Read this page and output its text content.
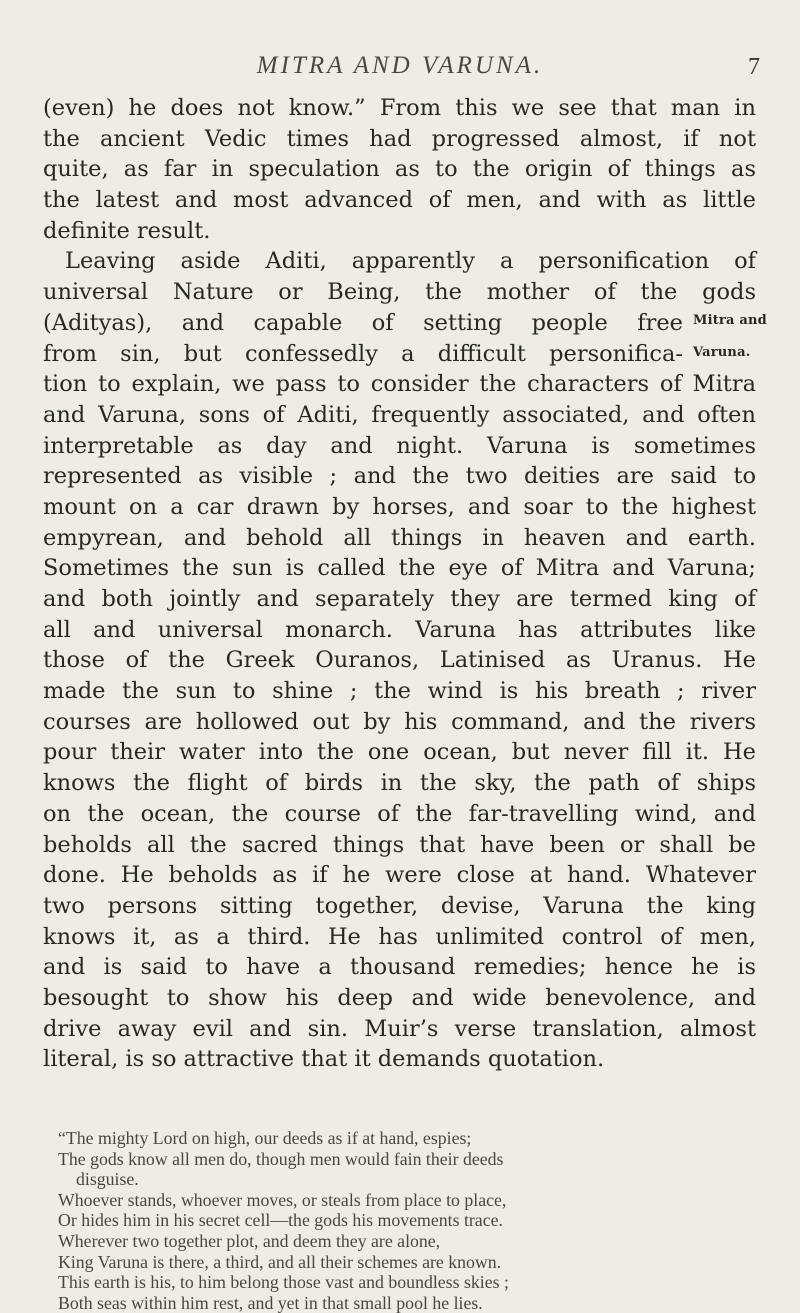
MITRA AND VARUNA.	7
(even) he does not know.” From this we see that man in
the ancient Vedic times had progressed almost, if not
quite, as far in speculation as to the origin of things as
the latest and most advanced of men, and with as little
definite result.
Leaving aside Aditi, apparently a personification of
universal Nature or Being, the mother of the gods
(Adityas), and capable of setting people free
from sin, but confessedly a difficult personifica-
tion to explain, we pass to consider the characters of Mitra
and Varuna, sons of Aditi, frequently associated, and often
interpretable as day and night. Varuna is sometimes
represented as visible ; and the two deities are said to
mount on a car drawn by horses, and soar to the highest
empyrean, and behold all things in heaven and earth.
Sometimes the sun is called the eye of Mitra and Varuna;
and both jointly and separately they are termed king of
all and universal monarch. Varuna has attributes like
those of the Greek Ouranos, Latinised as Uranus. He
made the sun to shine ; the wind is his breath ; river
courses are hollowed out by his command, and the rivers
pour their water into the one ocean, but never fill it. He
knows the flight of birds in the sky, the path of ships
on the ocean, the course of the far-travelling wind, and
beholds all the sacred things that have been or shall be
done. He beholds as if he were close at hand. Whatever
two persons sitting together, devise, Varuna the king
knows it, as a third. He has unlimited control of men,
and is said to have a thousand remedies; hence he is
besought to show his deep and wide benevolence, and
drive away evil and sin. Muir’s verse translation, almost
literal, is so attractive that it demands quotation.
Mitra and
Varuna.
“The mighty Lord on high, our deeds as if at hand, espies;
The gods know all men do, though men would fain their deeds
disguise.
Whoever stands, whoever moves, or steals from place to place,
Or hides him in his secret cell—the gods his movements trace.
Wherever two together plot, and deem they are alone,
King Varuna is there, a third, and all their schemes are known.
This earth is his, to him belong those vast and boundless skies ;
Both seas within him rest, and yet in that small pool he lies.
